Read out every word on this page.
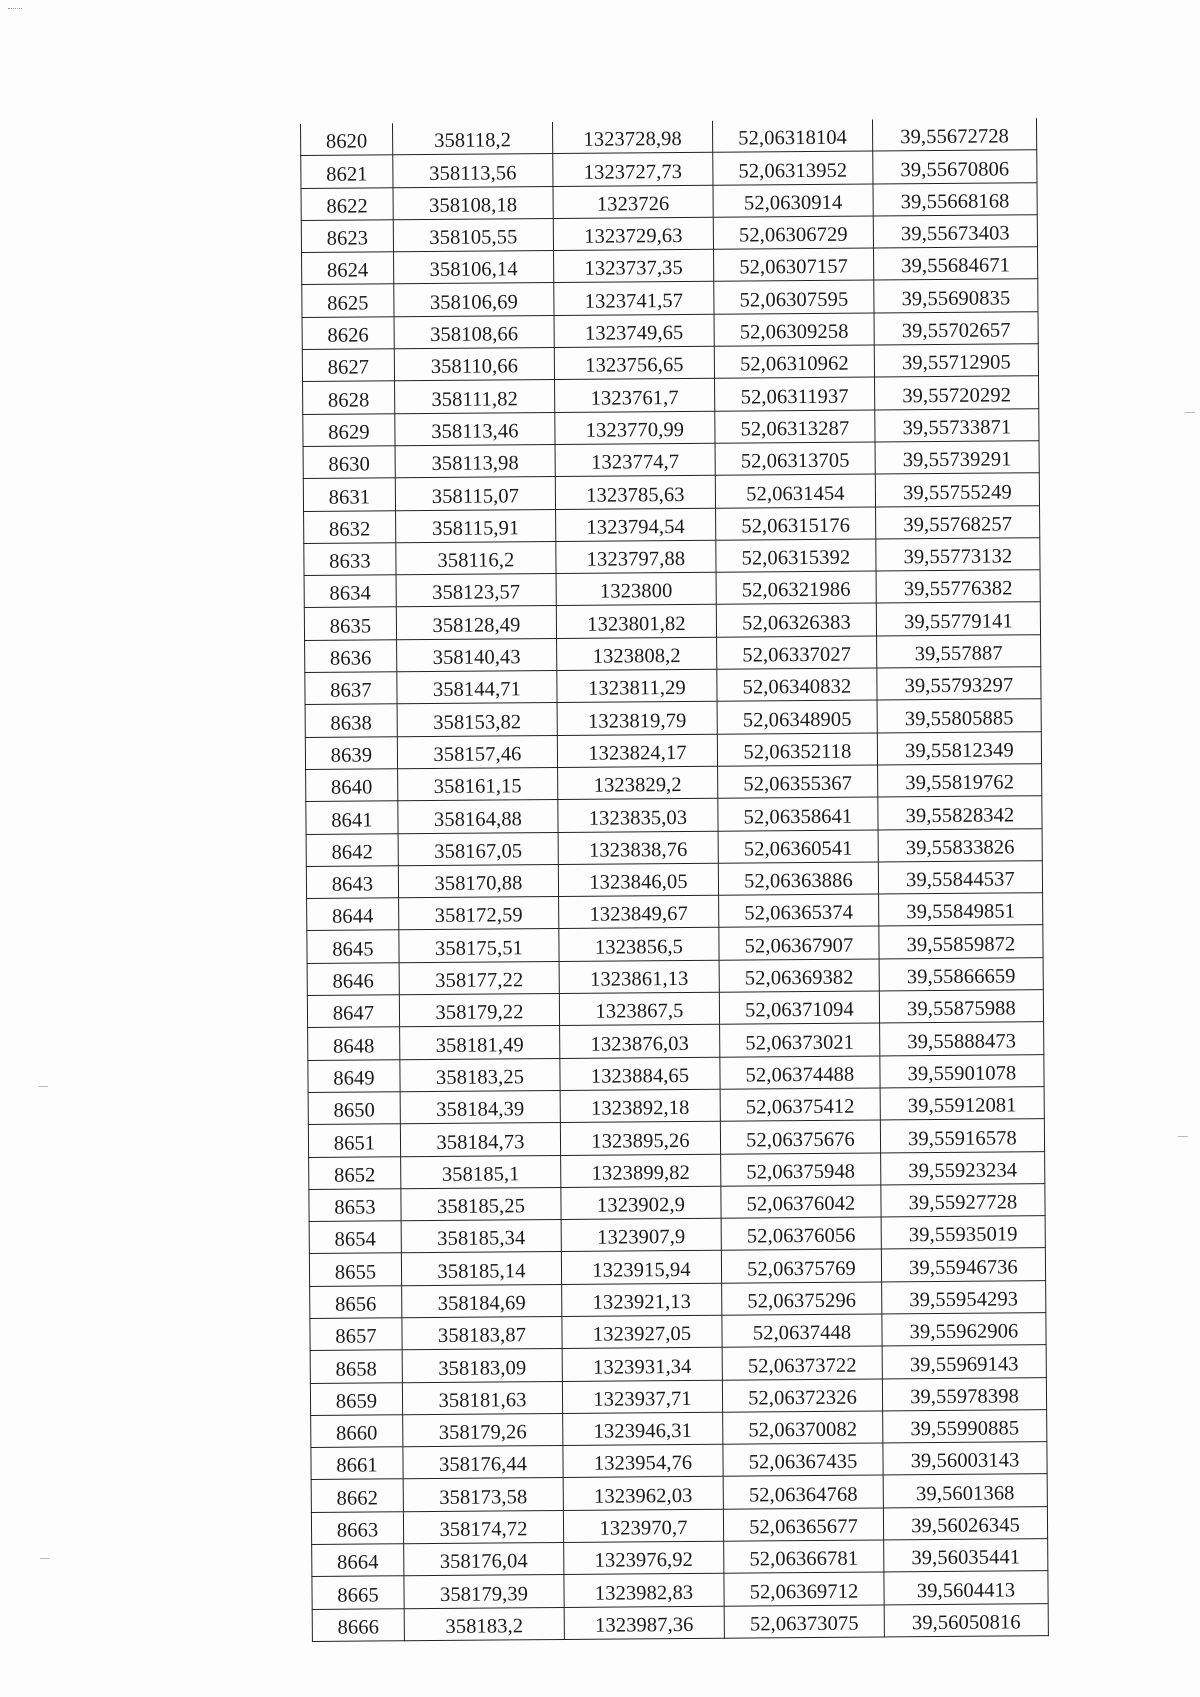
8620	358118,2	1323728,98	52,06318104	39,55672728
8621	358113,56	1323727,73	52,06313952	39,55670806
8622	358108,18	1323726	52,0630914	39,55668168
8623	358105,55	1323729,63	52,06306729	39,55673403
8624	358106,14	1323737,35	52,06307157	39,55684671
8625	358106,69	1323741,57	52,06307595	39,55690835
8626	358108,66	1323749,65	52,06309258	39,55702657
8627	358110,66	1323756,65	52,06310962	39,55712905
8628	358111,82	1323761,7	52,06311937	39,55720292
8629	358113,46	1323770,99	52,06313287	39,55733871
8630	358113,98	1323774,7	52,06313705	39,55739291
8631	358115,07	1323785,63	52,0631454	39,55755249
8632	358115,91	1323794,54	52,06315176	39,55768257
8633	358116,2	1323797,88	52,06315392	39,55773132
8634	358123,57	1323800	52,06321986	39,55776382
8635	358128,49	1323801,82	52,06326383	39,55779141
8636	358140,43	1323808,2	52,06337027	39,557887
8637	358144,71	1323811,29	52,06340832	39,55793297
8638	358153,82	1323819,79	52,06348905	39,55805885
8639	358157,46	1323824,17	52,06352118	39,55812349
8640	358161,15	1323829,2	52,06355367	39,55819762
8641	358164,88	1323835,03	52,06358641	39,55828342
8642	358167,05	1323838,76	52,06360541	39,55833826
8643	358170,88	1323846,05	52,06363886	39,55844537
8644	358172,59	1323849,67	52,06365374	39,55849851
8645	358175,51	1323856,5	52,06367907	39,55859872
8646	358177,22	1323861,13	52,06369382	39,55866659
8647	358179,22	1323867,5	52,06371094	39,55875988
8648	358181,49	1323876,03	52,06373021	39,55888473
8649	358183,25	1323884,65	52,06374488	39,55901078
8650	358184,39	1323892,18	52,06375412	39,55912081
8651	358184,73	1323895,26	52,06375676	39,55916578
8652	358185,1	1323899,82	52,06375948	39,55923234
8653	358185,25	1323902,9	52,06376042	39,55927728
8654	358185,34	1323907,9	52,06376056	39,55935019
8655	358185,14	1323915,94	52,06375769	39,55946736
8656	358184,69	1323921,13	52,06375296	39,55954293
8657	358183,87	1323927,05	52,0637448	39,55962906
8658	358183,09	1323931,34	52,06373722	39,55969143
8659	358181,63	1323937,71	52,06372326	39,55978398
8660	358179,26	1323946,31	52,06370082	39,55990885
8661	358176,44	1323954,76	52,06367435	39,56003143
8662	358173,58	1323962,03	52,06364768	39,5601368
8663	358174,72	1323970,7	52,06365677	39,56026345
8664	358176,04	1323976,92	52,06366781	39,56035441
8665	358179,39	1323982,83	52,06369712	39,5604413
8666	358183,2	1323987,36	52,06373075	39,56050816
